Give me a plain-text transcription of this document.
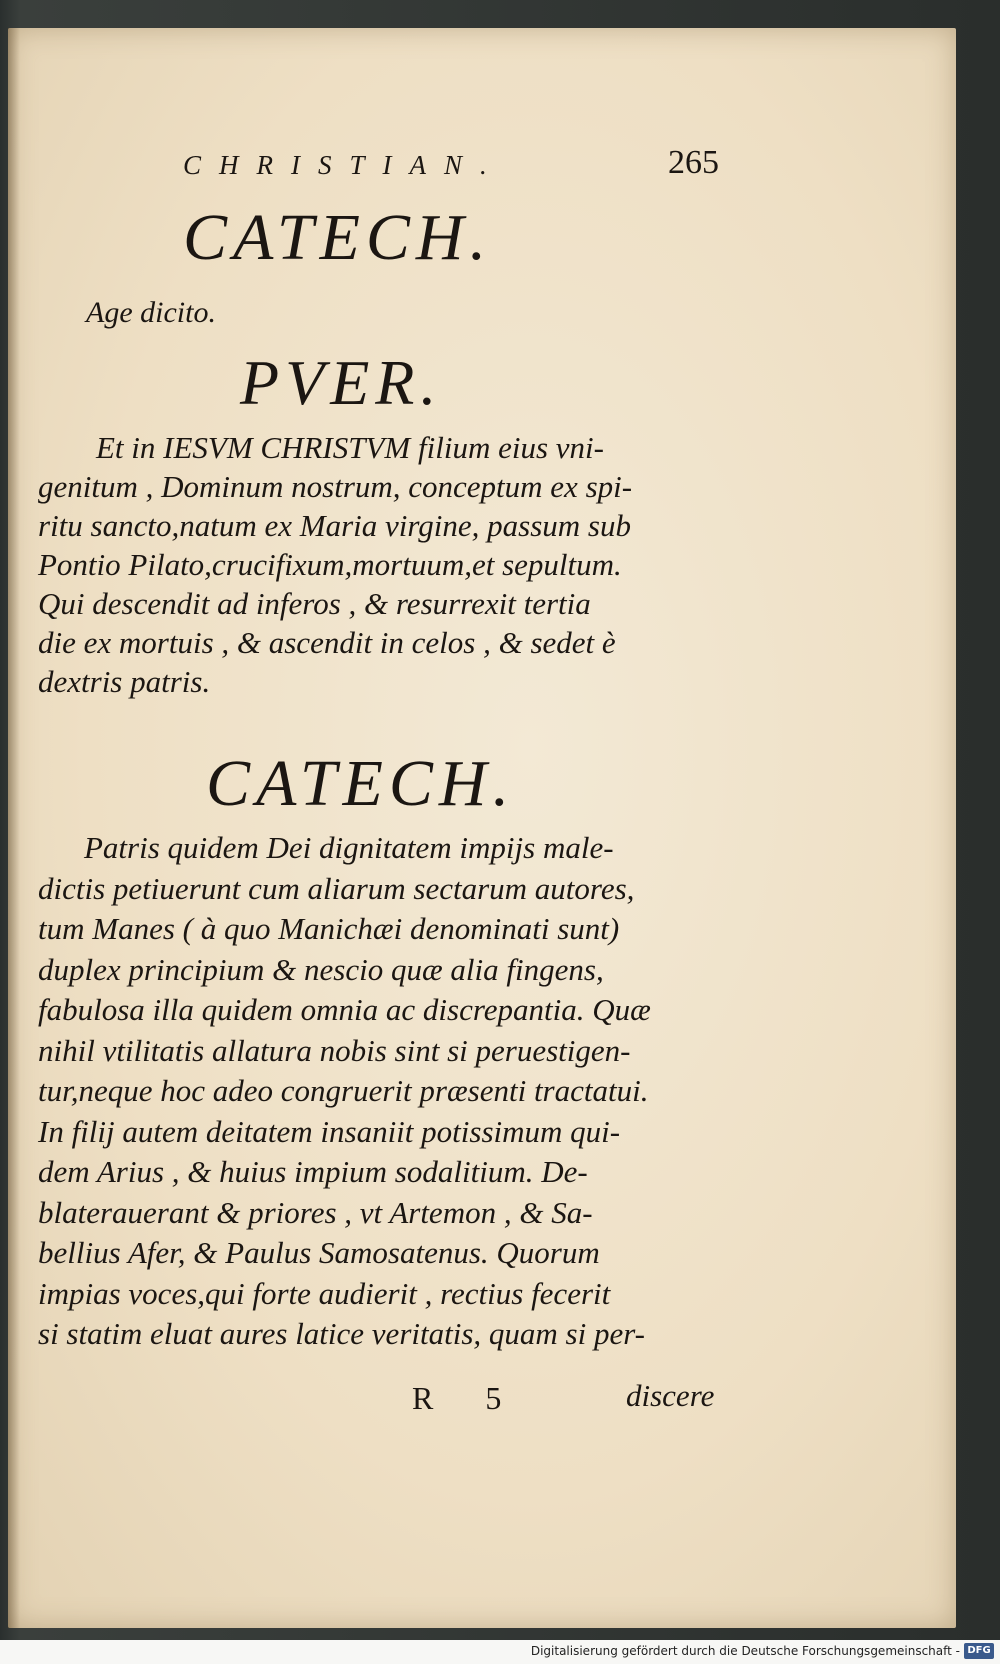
CHRISTIAN.	265
CATECH.
Age dicito.
PVER.
Et in IESVM CHRISTVM filium eius vni-
genitum , Dominum nostrum, conceptum ex spi-
ritu sancto,natum ex Maria virgine, passum sub
Pontio Pilato,crucifixum,mortuum,et sepultum.
Qui descendit ad inferos , & resurrexit tertia
die ex mortuis , & ascendit in celos , & sedet è
dextris patris.
CATECH.
Patris quidem Dei dignitatem impijs male-
dictis petiuerunt cum aliarum sectarum autores,
tum Manes ( à quo Manichæi denominati sunt)
duplex principium & nescio quæ alia fingens,
fabulosa illa quidem omnia ac discrepantia. Quæ
nihil vtilitatis allatura nobis sint si peruestigen-
tur,neque hoc adeo congruerit præsenti tractatui.
In filij autem deitatem insaniit potissimum qui-
dem Arius , & huius impium sodalitium. De-
blaterauerant & priores , vt Artemon , & Sa-
bellius Afer, & Paulus Samosatenus. Quorum
impias voces,qui forte audierit , rectius fecerit
si statim eluat aures latice veritatis, quam si per-
R 5	discere
Digitalisierung gefördert durch die Deutsche Forschungsgemeinschaft - DFG
